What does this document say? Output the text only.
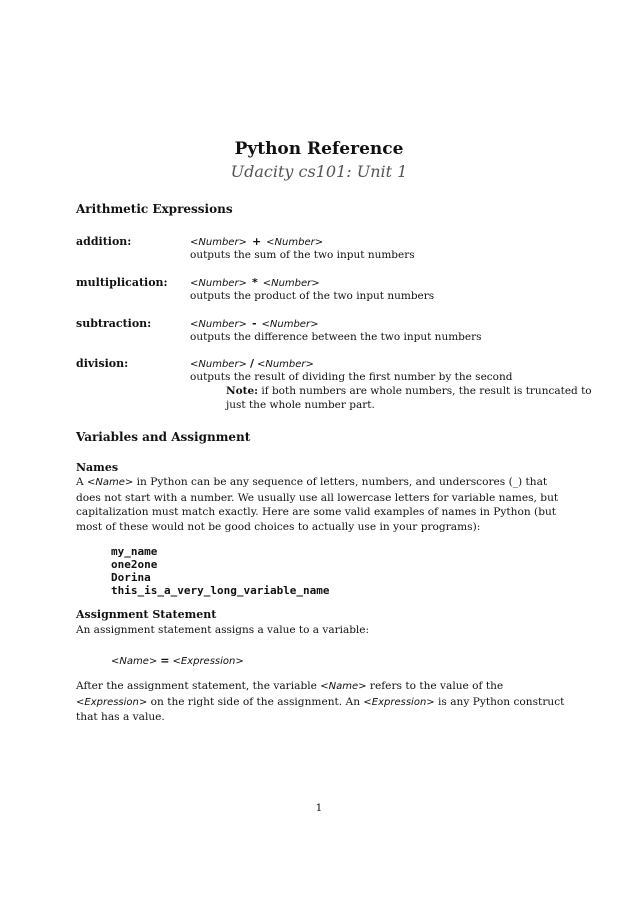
Python Reference
Udacity cs101: Unit 1
Arithmetic Expressions
addition:	<Number> + <Number>
outputs the sum of the two input numbers
multiplication: <Number> * <Number>
outputs the product of the two input numbers
subtraction:	<Number> - <Number>
outputs the difference between the two input numbers
division:	<Number> / <Number>
outputs the result of dividing the first number by the second
Note: if both numbers are whole numbers, the result is truncated to
just the whole number part.
Variables and Assignment
Names
A <Name> in Python can be any sequence of letters, numbers, and underscores (_) that does not start with a number. We usually use all lowercase letters for variable names, but capitalization must match exactly. Here are some valid examples of names in Python (but most of these would not be good choices to actually use in your programs):
my_name
one2one
Dorina
this_is_a_very_long_variable_name
Assignment Statement
An assignment statement assigns a value to a variable:
<Name> = <Expression>
After the assignment statement, the variable <Name> refers to the value of the <Expression> on the right side of the assignment. An <Expression> is any Python construct that has a value.
1
